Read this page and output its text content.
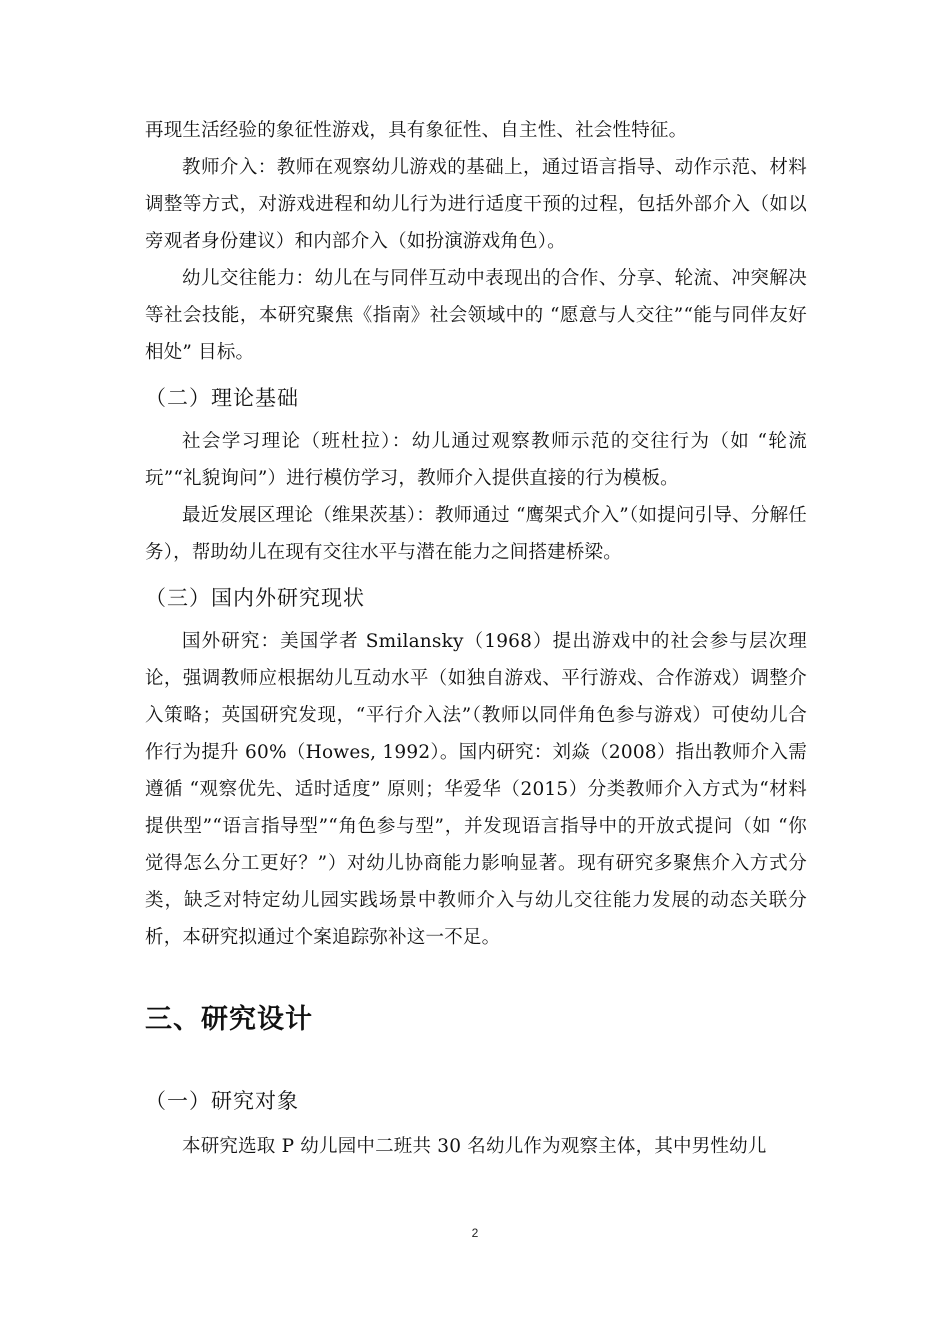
再现生活经验的象征性游戏，具有象征性、自主性、社会性特征。

教师介入：教师在观察幼儿游戏的基础上，通过语言指导、动作示范、材料调整等方式，对游戏进程和幼儿行为进行适度干预的过程，包括外部介入（如以旁观者身份建议）和内部介入（如扮演游戏角色）。

幼儿交往能力：幼儿在与同伴互动中表现出的合作、分享、轮流、冲突解决等社会技能，本研究聚焦《指南》社会领域中的 “愿意与人交往”“能与同伴友好相处” 目标。

（二）理论基础

社会学习理论（班杜拉）：幼儿通过观察教师示范的交往行为（如 “轮流玩”“礼貌询问”）进行模仿学习，教师介入提供直接的行为模板。

最近发展区理论（维果茨基）：教师通过 “鹰架式介入”（如提问引导、分解任务），帮助幼儿在现有交往水平与潜在能力之间搭建桥梁。

（三）国内外研究现状

国外研究：美国学者 Smilansky（1968）提出游戏中的社会参与层次理论，强调教师应根据幼儿互动水平（如独自游戏、平行游戏、合作游戏）调整介入策略；英国研究发现，“平行介入法”（教师以同伴角色参与游戏）可使幼儿合作行为提升 60%（Howes, 1992）。国内研究：刘焱（2008）指出教师介入需遵循 “观察优先、适时适度” 原则；华爱华（2015）分类教师介入方式为“材料提供型”“语言指导型”“角色参与型”，并发现语言指导中的开放式提问（如 “你觉得怎么分工更好？”）对幼儿协商能力影响显著。现有研究多聚焦介入方式分类，缺乏对特定幼儿园实践场景中教师介入与幼儿交往能力发展的动态关联分析，本研究拟通过个案追踪弥补这一不足。

三、研究设计
（一）研究对象

本研究选取 P 幼儿园中二班共 30 名幼儿作为观察主体，其中男性幼儿

2
